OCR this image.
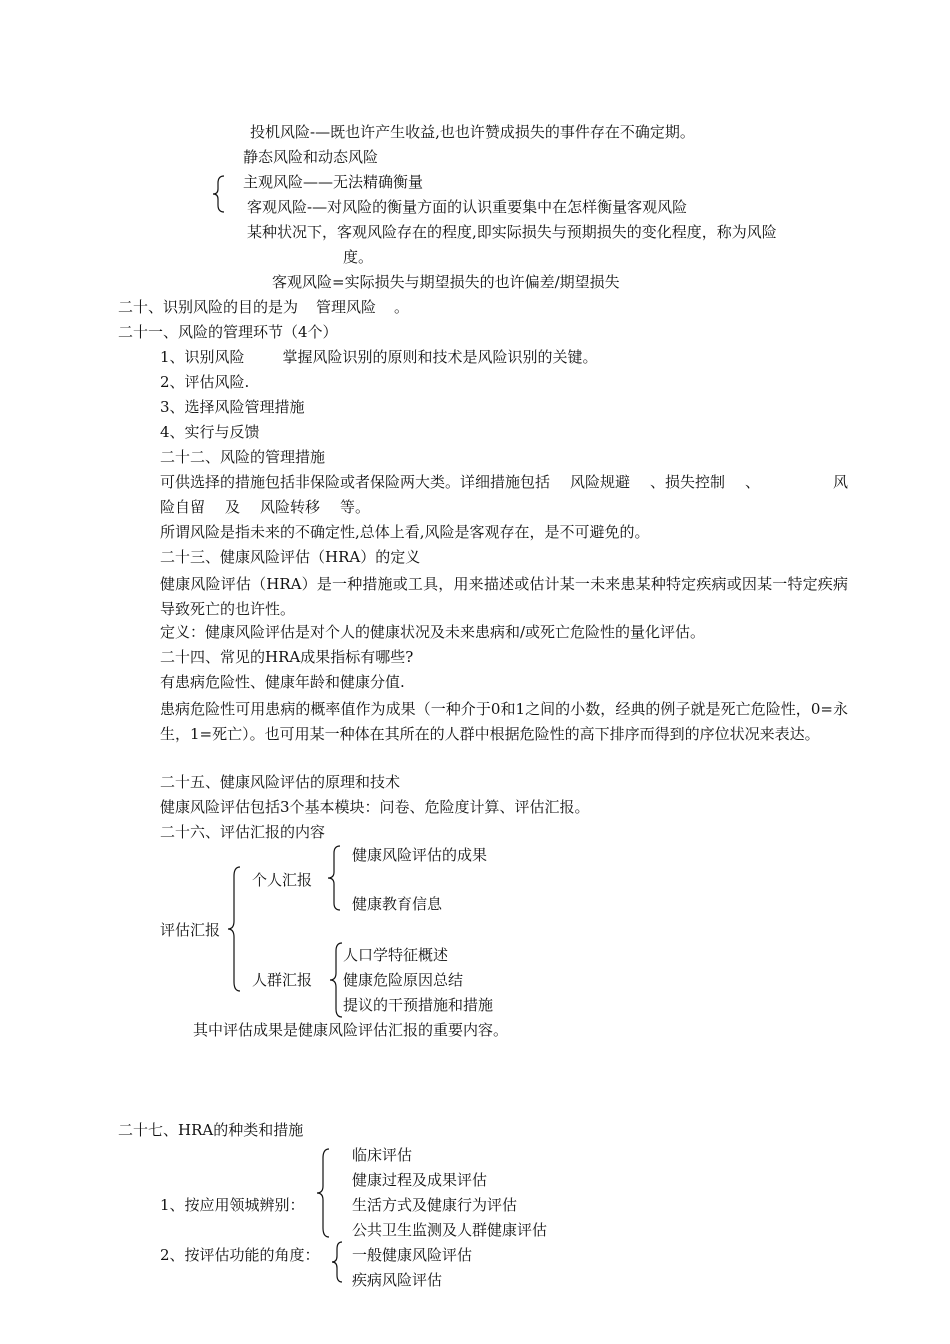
投机风险-—既也许产生收益,也也许赞成损失的事件存在不确定期。
静态风险和动态风险
主观风险——无法精确衡量
客观风险-—对风险的衡量方面的认识重要集中在怎样衡量客观风险
某种状况下，客观风险存在的程度,即实际损失与预期损失的变化程度，称为风险
度。
客观风险=实际损失与期望损失的也许偏差/期望损失
二十、识别风险的目的是为 管理风险 。
二十一、风险的管理环节（4个）
1、识别风险	掌握风险识别的原则和技术是风险识别的关键。
2、评估风险.
3、选择风险管理措施
4、实行与反馈
二十二、风险的管理措施
可供选择的措施包括非保险或者保险两大类。详细措施包括 风险规避 、损失控制 、	风
险自留 及 风险转移 等。
所谓风险是指未来的不确定性,总体上看,风险是客观存在，是不可避免的。
二十三、健康风险评估（HRA）的定义
健康风险评估（HRA）是一种措施或工具，用来描述或估计某一未来患某种特定疾病或因某一特定疾病导致死亡的也许性。
定义：健康风险评估是对个人的健康状况及未来患病和/或死亡危险性的量化评估。
二十四、常见的HRA成果指标有哪些?
有患病危险性、健康年龄和健康分值.
患病危险性可用患病的概率值作为成果（一种介于0和1之间的小数，经典的例子就是死亡危险性，0=永生，1=死亡）。也可用某一种体在其所在的人群中根据危险性的高下排序而得到的序位状况来表达。
二十五、健康风险评估的原理和技术
健康风险评估包括3个基本模块：问卷、危险度计算、评估汇报。
二十六、评估汇报的内容
评估汇报
个人汇报
健康风险评估的成果
健康教育信息
人群汇报
人口学特征概述
健康危险原因总结
提议的干预措施和措施
其中评估成果是健康风险评估汇报的重要内容。
二十七、HRA的种类和措施
1、按应用领城辨别：
临床评估
健康过程及成果评估
生活方式及健康行为评估
公共卫生监测及人群健康评估
2、按评估功能的角度： 一般健康风险评估
疾病风险评估
